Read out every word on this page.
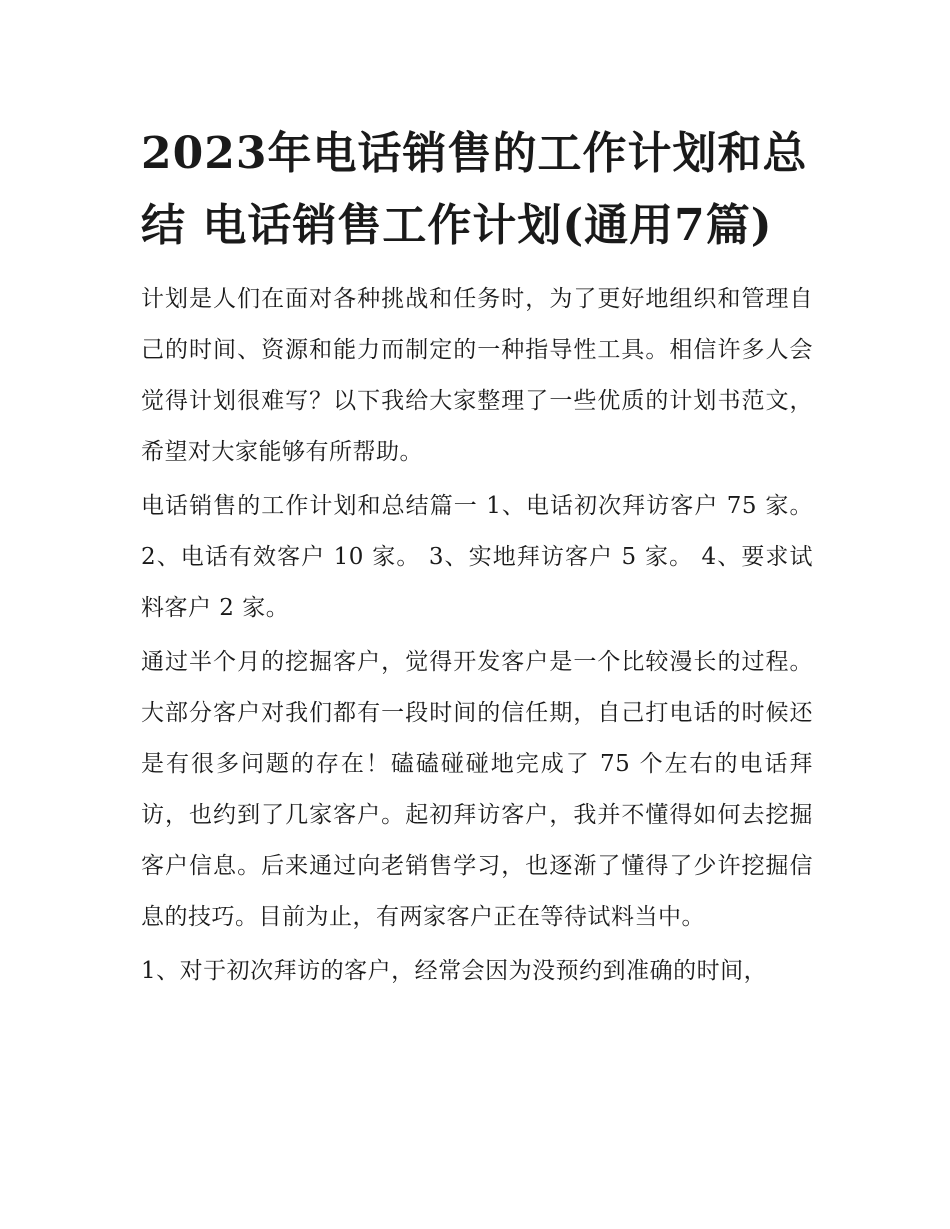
2023年电话销售的工作计划和总结 电话销售工作计划(通用7篇)

计划是人们在面对各种挑战和任务时，为了更好地组织和管理自己的时间、资源和能力而制定的一种指导性工具。相信许多人会觉得计划很难写？以下我给大家整理了一些优质的计划书范文，希望对大家能够有所帮助。

电话销售的工作计划和总结篇一 1、电话初次拜访客户 75 家。2、电话有效客户 10 家。 3、实地拜访客户 5 家。 4、要求试料客户 2 家。

通过半个月的挖掘客户，觉得开发客户是一个比较漫长的过程。大部分客户对我们都有一段时间的信任期，自己打电话的时候还是有很多问题的存在！磕磕碰碰地完成了 75 个左右的电话拜访，也约到了几家客户。起初拜访客户，我并不懂得如何去挖掘客户信息。后来通过向老销售学习，也逐渐了懂得了少许挖掘信息的技巧。目前为止，有两家客户正在等待试料当中。

1、对于初次拜访的客户，经常会因为没预约到准确的时间，
